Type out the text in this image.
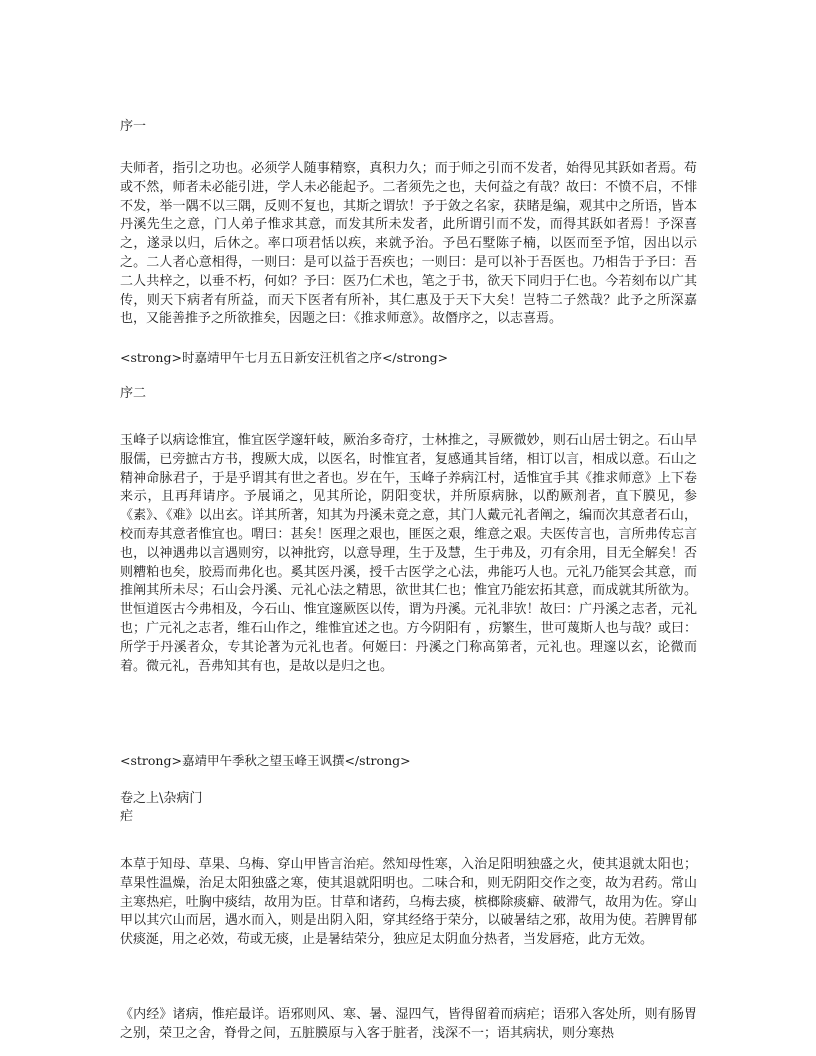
序一
夫师者，指引之功也。必须学人随事精察，真积力久；而于师之引而不发者，始得见其跃如者焉。苟或不然，师者未必能引进，学人未必能起予。二者须先之也，夫何益之有哉？故曰：不愤不启，不悱不发，举一隅不以三隅，反则不复也，其斯之谓欤！予于敛之名家，获睹是编，观其中之所语，皆本丹溪先生之意，门人弟子惟求其意，而发其所未发者，此所谓引而不发，而得其跃如者焉！予深喜之，遂录以归，后休之。率口项君恬以疾，来就予治。予邑石墅陈子楠，以医而至予馆，因出以示之。二人者心意相得，一则曰：是可以益于吾疾也；一则曰：是可以补于吾医也。乃相告于予曰：吾二人共梓之，以垂不朽，何如？予曰：医乃仁术也，笔之于书，欲天下同归于仁也。今若刻布以广其传，则天下病者有所益，而天下医者有所补，其仁惠及于天下大矣！岂特二子然哉？此予之所深嘉也，又能善推予之所欲推矣，因题之曰：《推求师意》。故僭序之，以志喜焉。
<strong>时嘉靖甲午七月五日新安汪机省之序</strong>
序二
玉峰子以病谂惟宜，惟宜医学邃轩岐，厥治多奇疗，士林推之，寻厥微妙，则石山居士钥之。石山早服儒，已旁摭古方书，搜厥大成，以医名，时惟宜者，复感通其旨绪，相订以言，相成以意。石山之精神命脉君子，于是乎谓其有世之者也。岁在午，玉峰子养病江村，适惟宜手其《推求师意》上下卷来示，且再拜请序。予展诵之，见其所论，阴阳变状，并所原病脉，以酌厥剂者，直下膜见，参《素》、《难》以出玄。详其所著，知其为丹溪未竟之意，其门人戴元礼者阐之，编而次其意者石山，校而寿其意者惟宜也。喟曰：甚矣！医理之艰也，匪医之艰，维意之艰。夫医传言也，言所弗传忘言也，以神遇弗以言遇则穷，以神批窍，以意导理，生于及慧，生于弗及，刃有余用，目无全解矣！否则糟粕也矣，胶焉而弗化也。奚其医丹溪，授千古医学之心法，弗能巧人也。元礼乃能冥会其意，而推阐其所未尽；石山会丹溪、元礼心法之精思，欲世其仁也；惟宜乃能宏拓其意，而成就其所欲为。世恒道医古今弗相及，今石山、惟宜邃厥医以传，谓为丹溪。元礼非欤！故曰：广丹溪之志者，元礼也；广元礼之志者，维石山作之，维惟宜述之也。方今阴阳有 ，疠繁生，世可蔑斯人也与哉？或曰：所学于丹溪者众，专其论著为元礼也者。何姬曰：丹溪之门称高第者，元礼也。理邃以玄，论微而着。微元礼，吾弗知其有也，是故以是归之也。
<strong>嘉靖甲午季秋之望玉峰王讽撰</strong>
卷之上\杂病门
疟
本草于知母、草果、乌梅、穿山甲皆言治疟。然知母性寒，入治足阳明独盛之火，使其退就太阳也；草果性温燥，治足太阳独盛之寒，使其退就阳明也。二味合和，则无阴阳交作之变，故为君药。常山主寒热疟，吐胸中痰结，故用为臣。甘草和诸药，乌梅去痰，槟榔除痰癖、破滞气，故用为佐。穿山甲以其穴山而居，遇水而入，则是出阴入阳，穿其经络于荣分，以破暑结之邪，故用为使。若脾胃郁伏痰涎，用之必效，苟或无痰，止是暑结荣分，独应足太阴血分热者，当发唇疮，此方无效。
《内经》诸病，惟疟最详。语邪则风、寒、暑、湿四气，皆得留着而病疟；语邪入客处所，则有肠胃之别，荣卫之舍，脊骨之间，五脏膜原与入客于脏者，浅深不一；语其病状，则分寒热
